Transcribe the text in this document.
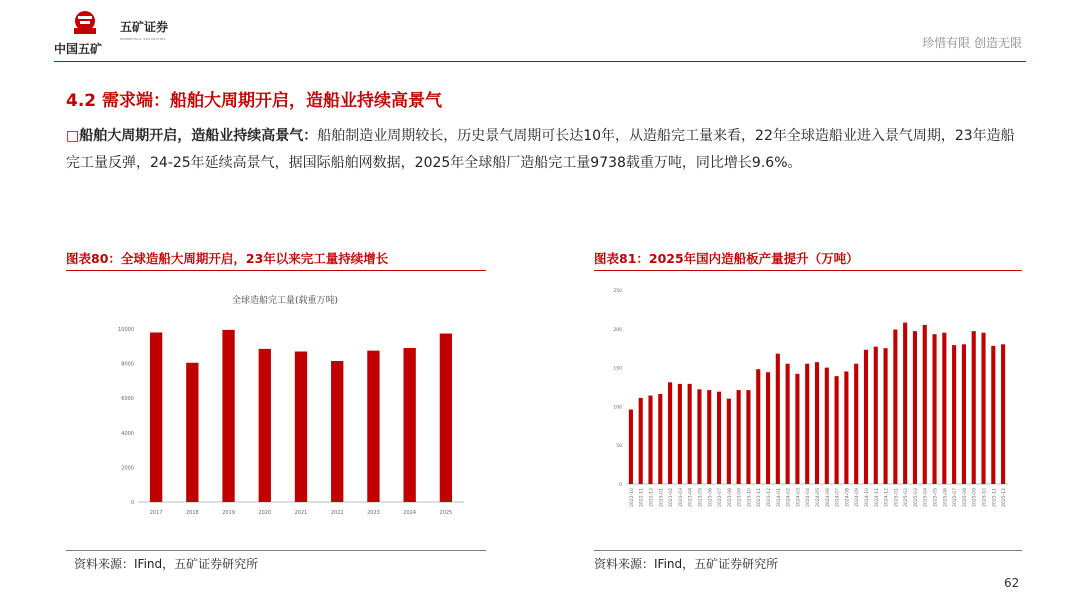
中国五矿
五矿证券
MINMETALS SECURITIES	珍惜有限 创造无限
4.2 需求端：船舶大周期开启，造船业持续高景气
□船舶大周期开启，造船业持续高景气：船舶制造业周期较长，历史景气周期可长达10年，从造船完工量来看，22年全球造船业进入景气周期，23年造船完工量反弹，24-25年延续高景气，据国际船舶网数据，2025年全球船厂造船完工量9738载重万吨，同比增长9.6%。
图表80：全球造船大周期开启，23年以来完工量持续增长
全球造船完工量(载重万吨)
0
2000
4000
6000
8000
10000
2017	2018	2019	2020	2021	2022	2023	2024	2025
资料来源：IFind，五矿证券研究所
图表81：2025年国内造船板产量提升（万吨）
0
50
100
150
200
250
2022-10 2022-11 2022-12 2023-01 2023-02 2023-03 2023-04 2023-05 2023-06 2023-07 2023-08 2023-09 2023-10 2023-11 2023-12 2024-01 2024-02 2024-03 2024-04 2024-05 2024-06 2024-07 2024-08 2024-09 2024-10 2024-11 2024-12 2025-01 2025-02 2025-03 2025-04 2025-05 2025-06 2025-07 2025-08 2025-09 2025-10 2025-11 2025-12
资料来源：IFind，五矿证券研究所
62
